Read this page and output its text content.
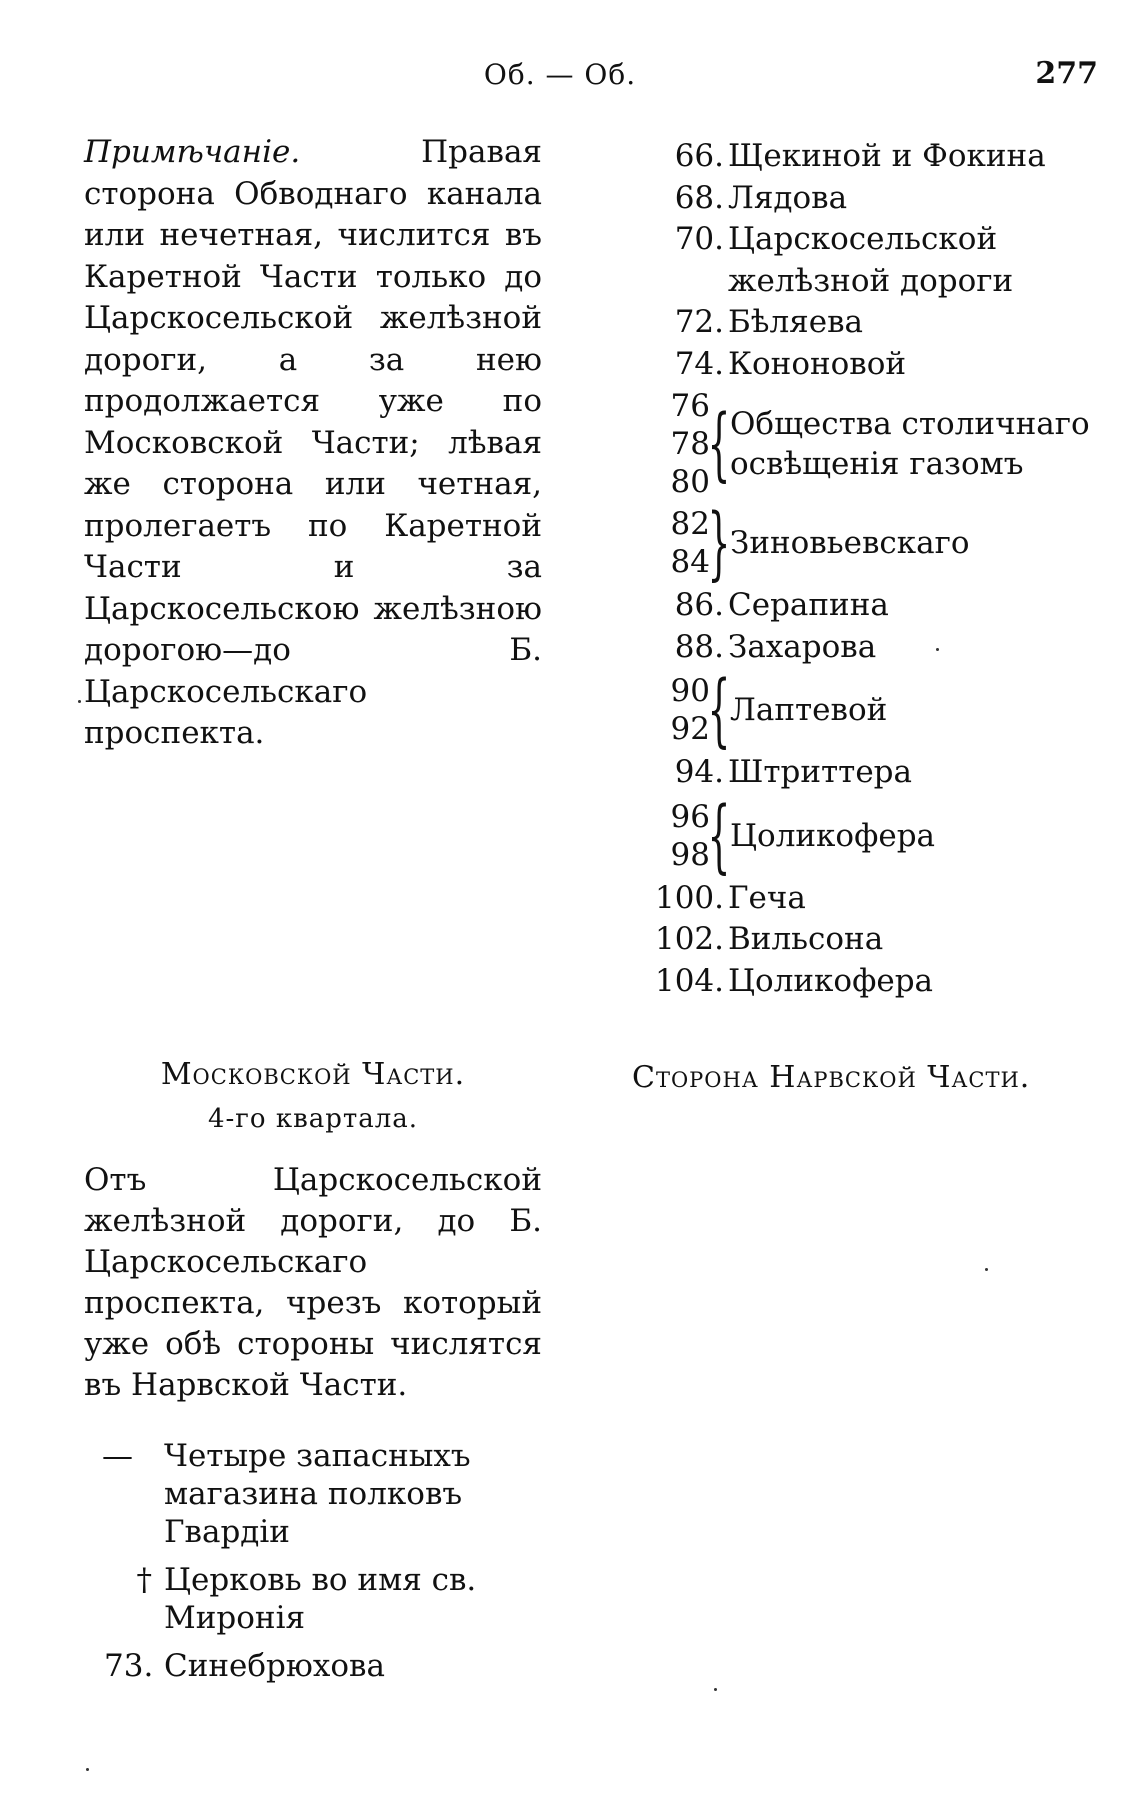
Об. — Об.	277
Примѣчаніе.	Правая сторона Обводнаго канала или нечетная, числится въ Каретной Части только до Царскосельской желѣзной дороги, а за нею продолжается уже по Московской Части; лѣвая же сторона или четная, пролегаетъ по Каретной Части и за Царскосельскою желѣзною дорогою—до Б. Царскосельскаго проспекта.
Московской Части.
4-го квартала.
Отъ Царскосельской желѣзной дороги, до Б. Царскосельскаго проспекта, чрезъ который уже обѣ стороны числятся въ Нарвской Части.
—	Четыре запасныхъ магазина полковъ Гвардіи
† Церковь во имя св. Миронія
73. Синебрюхова
66. Щекиной и Фокина
68. Лядова
70. Царскосельской желѣзной дороги
72. Бѣляева
74. Кононовой
76
78
80
{ Общества столичнаго освѣщенія газомъ
82
84
} Зиновьевскаго
86. Серапина
88. Захарова
90
92
{ Лаптевой
94. Штриттера
96
98
{ Цоликофера
100. Геча
102. Вильсона
104. Цоликофера
Сторона Нарвской Части.
